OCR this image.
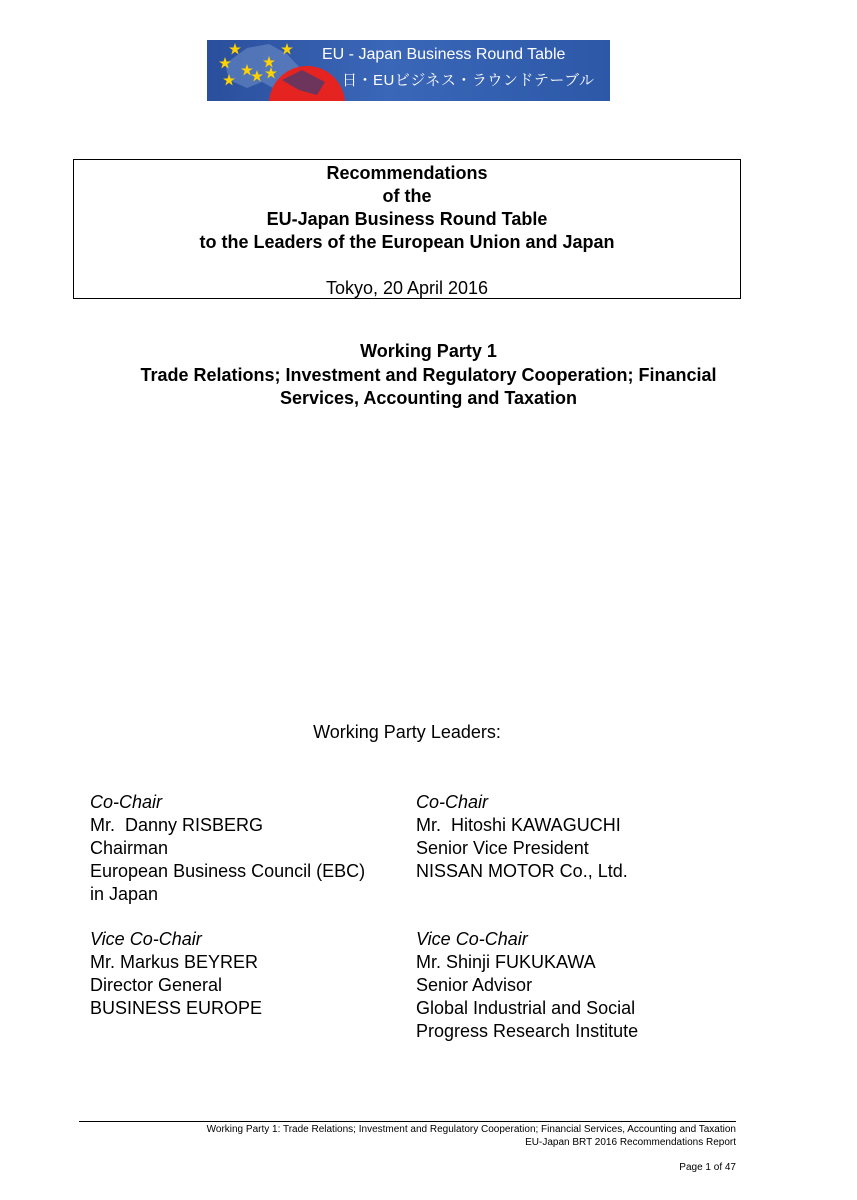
EU - Japan Business Round Table
日・EUビジネス・ラウンドテーブル
Recommendations
of the
EU-Japan Business Round Table
to the Leaders of the European Union and Japan
Tokyo, 20 April 2016
Working Party 1
Trade Relations; Investment and Regulatory Cooperation; Financial
Services, Accounting and Taxation
Working Party Leaders:
Co-Chair
Mr.  Danny RISBERG
Chairman
European Business Council (EBC)
in Japan
Vice Co-Chair
Mr. Markus BEYRER
Director General
BUSINESS EUROPE
Co-Chair
Mr.  Hitoshi KAWAGUCHI
Senior Vice President
NISSAN MOTOR Co., Ltd.
Vice Co-Chair
Mr. Shinji FUKUKAWA
Senior Advisor
Global Industrial and Social
Progress Research Institute
Working Party 1: Trade Relations; Investment and Regulatory Cooperation; Financial Services, Accounting and Taxation
EU-Japan BRT 2016 Recommendations Report
Page 1 of 47
